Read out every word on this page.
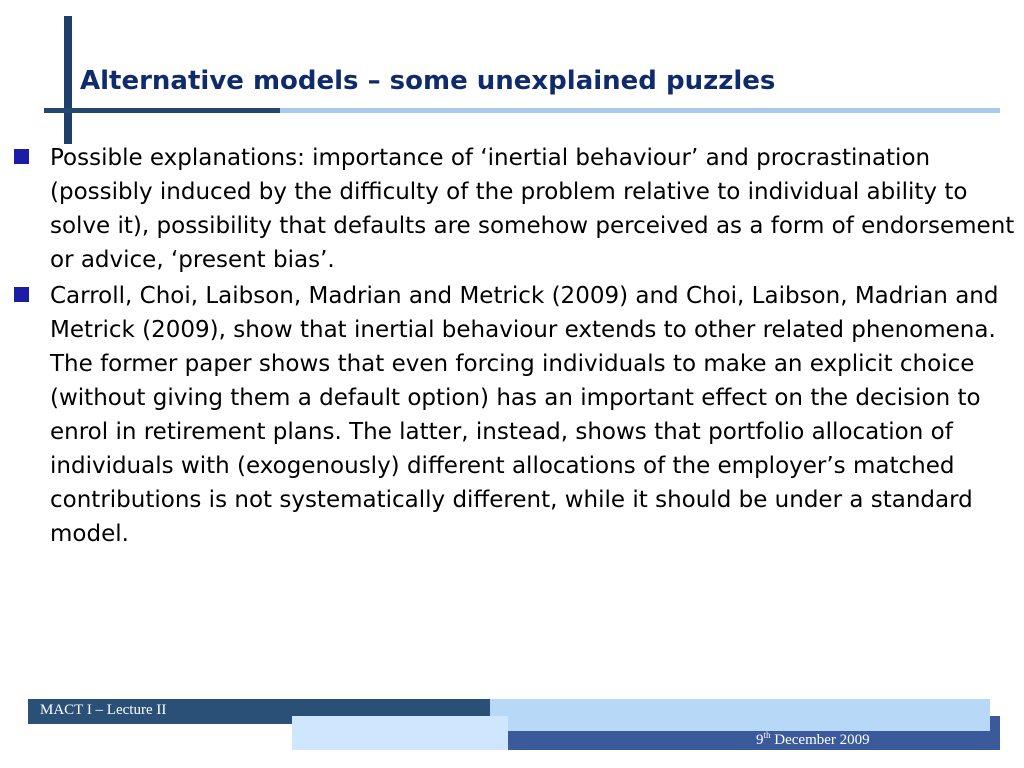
Alternative models – some unexplained puzzles
Possible explanations: importance of ‘inertial behaviour’ and procrastination (possibly induced by the difficulty of the problem relative to individual ability to solve it), possibility that defaults are somehow perceived as a form of endorsement or advice, ‘present bias’.
Carroll, Choi, Laibson, Madrian and Metrick (2009) and Choi, Laibson, Madrian and Metrick (2009), show that inertial behaviour extends to other related phenomena. The former paper shows that even forcing individuals to make an explicit choice (without giving them a default option) has an important effect on the decision to enrol in retirement plans. The latter, instead, shows that portfolio allocation of individuals with (exogenously) different allocations of the employer’s matched contributions is not systematically different, while it should be under a standard model.
MACT I – Lecture II
36	9th December 2009
